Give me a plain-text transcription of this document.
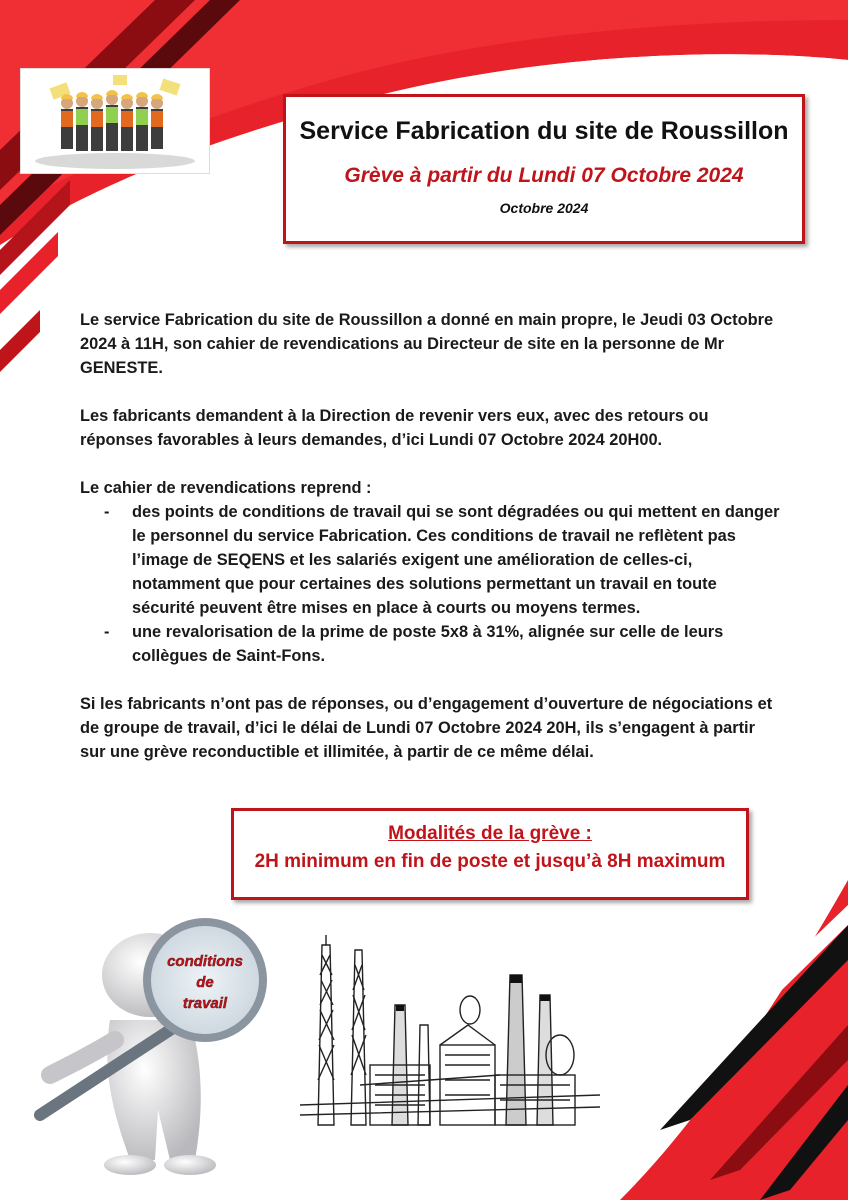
Service Fabrication du site de Roussillon
Grève à partir du Lundi 07 Octobre 2024
Octobre 2024

Le service Fabrication du site de Roussillon a donné en main propre, le Jeudi 03 Octobre 2024 à 11H, son cahier de revendications au Directeur de site en la personne de Mr GENESTE.

Les fabricants demandent à la Direction de revenir vers eux, avec des retours ou réponses favorables à leurs demandes, d’ici Lundi 07 Octobre 2024 20H00.

Le cahier de revendications reprend :

- des points de conditions de travail qui se sont dégradées ou qui mettent en danger le personnel du service Fabrication. Ces conditions de travail ne reflètent pas l’image de SEQENS et les salariés exigent une amélioration de celles-ci, notamment que pour certaines des solutions permettant un travail en toute sécurité peuvent être mises en place à courts ou moyens termes.
- une revalorisation de la prime de poste 5x8 à 31%, alignée sur celle de leurs collègues de Saint-Fons.

Si les fabricants n’ont pas de réponses, ou d’engagement d’ouverture de négociations et de groupe de travail, d’ici le délai de Lundi 07 Octobre 2024 20H, ils s’engagent à partir sur une grève reconductible et illimitée, à partir de ce même délai.

Modalités de la grève :
2H minimum en fin de poste et jusqu’à 8H maximum
conditions
de
travail
